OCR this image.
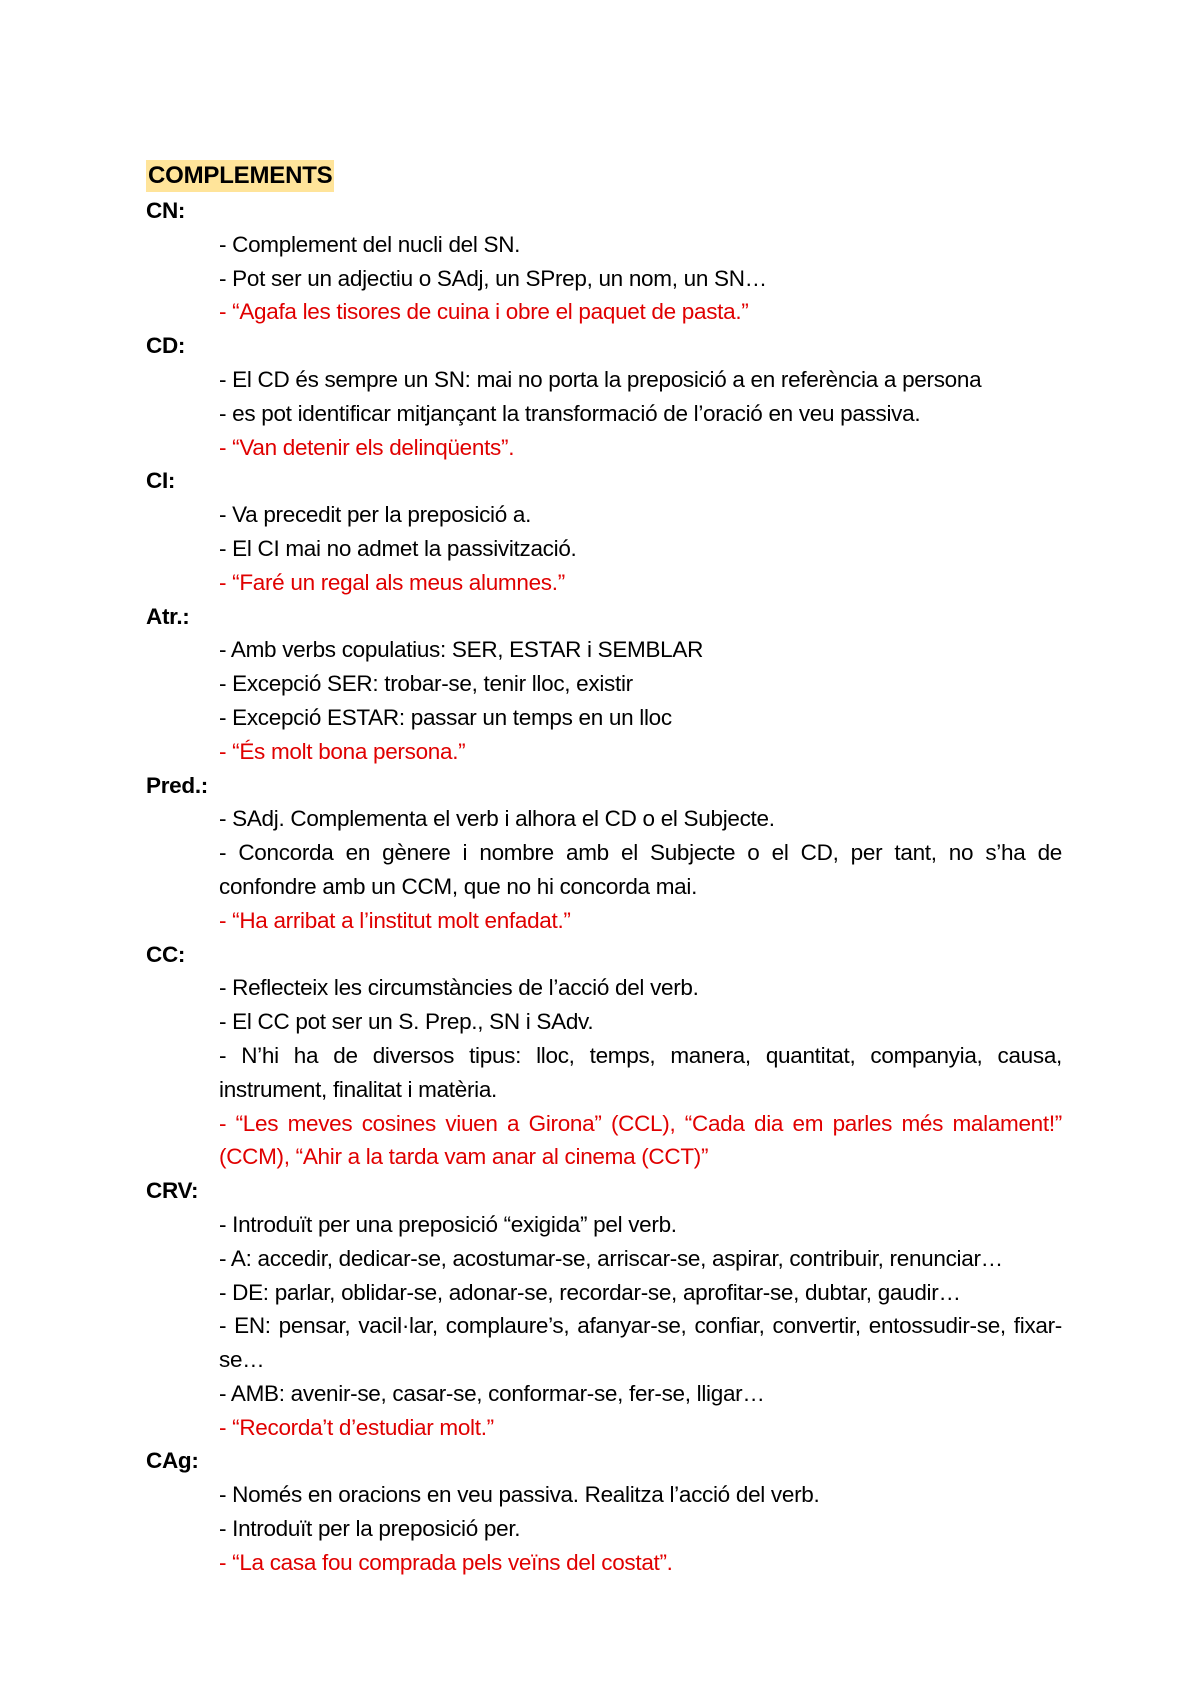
COMPLEMENTS
CN:
- Complement del nucli del SN.
- Pot ser un adjectiu o SAdj, un SPrep, un nom, un SN…
- “Agafa les tisores de cuina i obre el paquet de pasta.”
CD:
- El CD és sempre un SN: mai no porta la preposició a en referència a persona
- es pot identificar mitjançant la transformació de l’oració en veu passiva.
- “Van detenir els delinqüents”.
CI:
- Va precedit per la preposició a.
- El CI mai no admet la passivització.
- “Faré un regal als meus alumnes.”
Atr.:
- Amb verbs copulatius: SER, ESTAR i SEMBLAR
- Excepció SER: trobar-se, tenir lloc, existir
- Excepció ESTAR: passar un temps en un lloc
- “És molt bona persona.”
Pred.:
- SAdj. Complementa el verb i alhora el CD o el Subjecte.
- Concorda en gènere i nombre amb el Subjecte o el CD, per tant, no s’ha de confondre amb un CCM, que no hi concorda mai.
- “Ha arribat a l’institut molt enfadat.”
CC:
- Reflecteix les circumstàncies de l’acció del verb.
- El CC pot ser un S. Prep., SN i SAdv.
- N’hi ha de diversos tipus: lloc, temps, manera, quantitat, companyia, causa, instrument, finalitat i matèria.
- “Les meves cosines viuen a Girona” (CCL), “Cada dia em parles més malament!” (CCM), “Ahir a la tarda vam anar al cinema (CCT)”
CRV:
- Introduït per una preposició “exigida” pel verb.
- A: accedir, dedicar-se, acostumar-se, arriscar-se, aspirar, contribuir, renunciar…
- DE: parlar, oblidar-se, adonar-se, recordar-se, aprofitar-se, dubtar, gaudir…
- EN: pensar, vacil·lar, complaure’s, afanyar-se, confiar, convertir, entossudir-se, fixar-se…
- AMB: avenir-se, casar-se, conformar-se, fer-se, lligar…
- “Recorda’t d’estudiar molt.”
CAg:
- Només en oracions en veu passiva. Realitza l’acció del verb.
- Introduït per la preposició per.
- “La casa fou comprada pels veïns del costat”.
